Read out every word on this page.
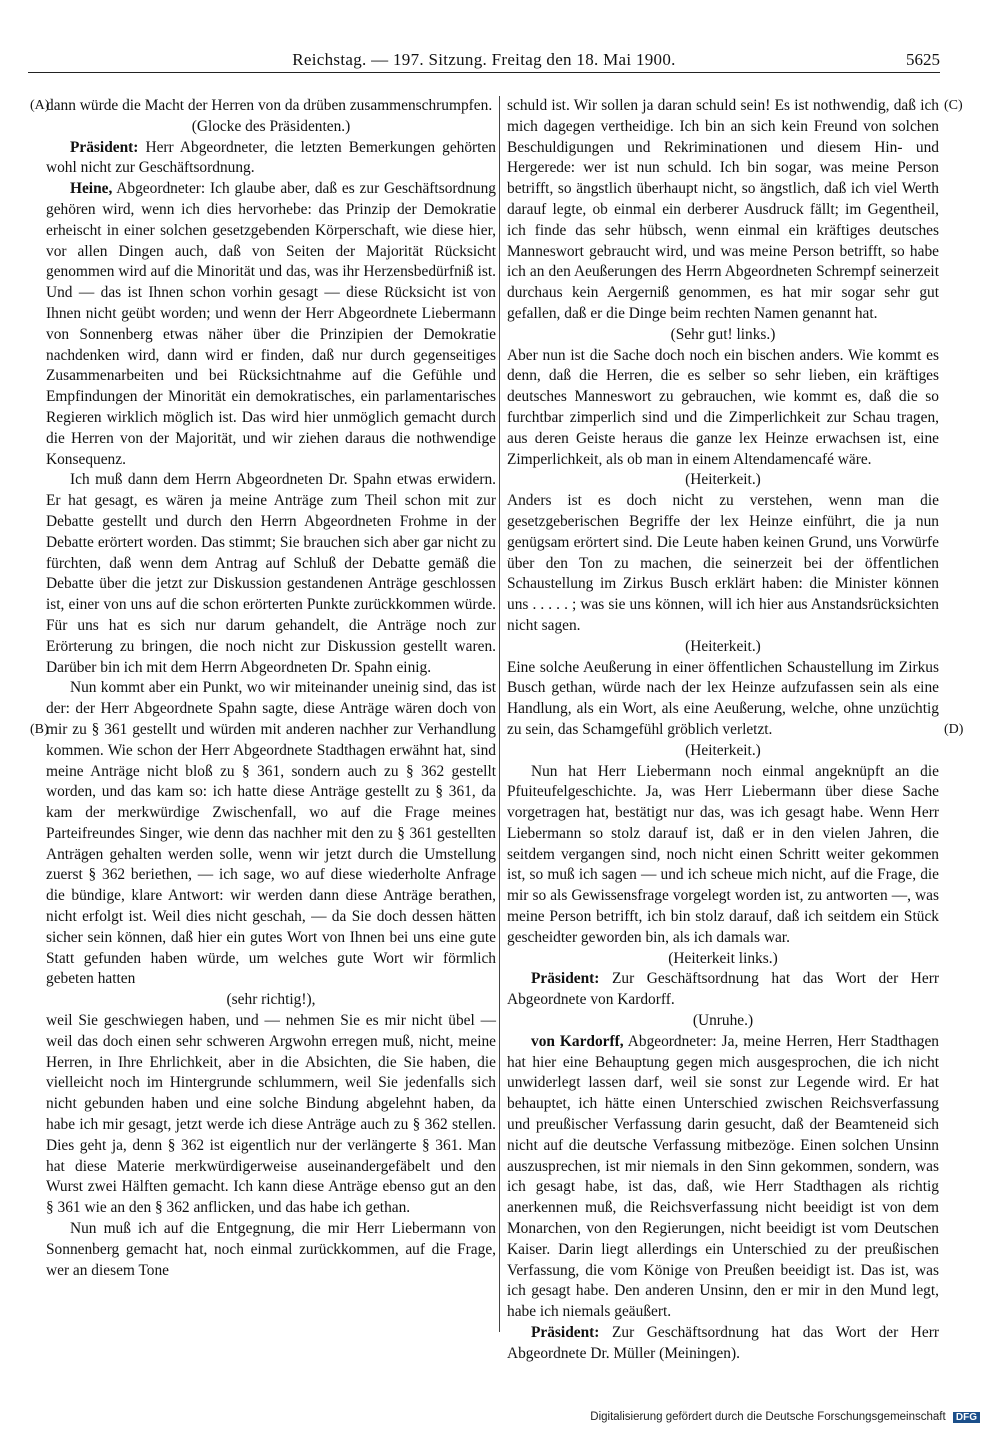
Reichstag. — 197. Sitzung. Freitag den 18. Mai 1900.	5625
(A)
(B)
(C)
(D)

dann würde die Macht der Herren von da drüben zusammenschrumpfen.

(Glocke des Präsidenten.)

Präsident: Herr Abgeordneter, die letzten Bemerkungen gehörten wohl nicht zur Geschäftsordnung.

Heine, Abgeordneter: Ich glaube aber, daß es zur Geschäftsordnung gehören wird, wenn ich dies hervorhebe: das Prinzip der Demokratie erheischt in einer solchen gesetzgebenden Körperschaft, wie diese hier, vor allen Dingen auch, daß von Seiten der Majorität Rücksicht genommen wird auf die Minorität und das, was ihr Herzensbedürfniß ist. Und — das ist Ihnen schon vorhin gesagt — diese Rücksicht ist von Ihnen nicht geübt worden; und wenn der Herr Abgeordnete Liebermann von Sonnenberg etwas näher über die Prinzipien der Demokratie nachdenken wird, dann wird er finden, daß nur durch gegenseitiges Zusammenarbeiten und bei Rücksichtnahme auf die Gefühle und Empfindungen der Minorität ein demokratisches, ein parlamentarisches Regieren wirklich möglich ist. Das wird hier unmöglich gemacht durch die Herren von der Majorität, und wir ziehen daraus die nothwendige Konsequenz.

Ich muß dann dem Herrn Abgeordneten Dr. Spahn etwas erwidern. Er hat gesagt, es wären ja meine Anträge zum Theil schon mit zur Debatte gestellt und durch den Herrn Abgeordneten Frohme in der Debatte erörtert worden. Das stimmt; Sie brauchen sich aber gar nicht zu fürchten, daß wenn dem Antrag auf Schluß der Debatte gemäß die Debatte über die jetzt zur Diskussion gestandenen Anträge geschlossen ist, einer von uns auf die schon erörterten Punkte zurückkommen würde. Für uns hat es sich nur darum gehandelt, die Anträge noch zur Erörterung zu bringen, die noch nicht zur Diskussion gestellt waren. Darüber bin ich mit dem Herrn Abgeordneten Dr. Spahn einig.

Nun kommt aber ein Punkt, wo wir miteinander uneinig sind, das ist der: der Herr Abgeordnete Spahn sagte, diese Anträge wären doch von mir zu § 361 gestellt und würden mit anderen nachher zur Verhandlung kommen. Wie schon der Herr Abgeordnete Stadthagen erwähnt hat, sind meine Anträge nicht bloß zu § 361, sondern auch zu § 362 gestellt worden, und das kam so: ich hatte diese Anträge gestellt zu § 361, da kam der merkwürdige Zwischenfall, wo auf die Frage meines Parteifreundes Singer, wie denn das nachher mit den zu § 361 gestellten Anträgen gehalten werden solle, wenn wir jetzt durch die Umstellung zuerst § 362 beriethen, — ich sage, wo auf diese wiederholte Anfrage die bündige, klare Antwort: wir werden dann diese Anträge berathen, nicht erfolgt ist. Weil dies nicht geschah, — da Sie doch dessen hätten sicher sein können, daß hier ein gutes Wort von Ihnen bei uns eine gute Statt gefunden haben würde, um welches gute Wort wir förmlich gebeten hatten

(sehr richtig!),

weil Sie geschwiegen haben, und — nehmen Sie es mir nicht übel — weil das doch einen sehr schweren Argwohn erregen muß, nicht, meine Herren, in Ihre Ehrlichkeit, aber in die Absichten, die Sie haben, die vielleicht noch im Hintergrunde schlummern, weil Sie jedenfalls sich nicht gebunden haben und eine solche Bindung abgelehnt haben, da habe ich mir gesagt, jetzt werde ich diese Anträge auch zu § 362 stellen. Dies geht ja, denn § 362 ist eigentlich nur der verlängerte § 361. Man hat diese Materie merkwürdigerweise auseinandergefäbelt und den Wurst zwei Hälften gemacht. Ich kann diese Anträge ebenso gut an den § 361 wie an den § 362 anflicken, und das habe ich gethan.

Nun muß ich auf die Entgegnung, die mir Herr Liebermann von Sonnenberg gemacht hat, noch einmal zurückkommen, auf die Frage, wer an diesem Tone

schuld ist. Wir sollen ja daran schuld sein! Es ist nothwendig, daß ich mich dagegen vertheidige. Ich bin an sich kein Freund von solchen Beschuldigungen und Rekriminationen und diesem Hin- und Hergerede: wer ist nun schuld. Ich bin sogar, was meine Person betrifft, so ängstlich überhaupt nicht, so ängstlich, daß ich viel Werth darauf legte, ob einmal ein derberer Ausdruck fällt; im Gegentheil, ich finde das sehr hübsch, wenn einmal ein kräftiges deutsches Manneswort gebraucht wird, und was meine Person betrifft, so habe ich an den Aeußerungen des Herrn Abgeordneten Schrempf seinerzeit durchaus kein Aergerniß genommen, es hat mir sogar sehr gut gefallen, daß er die Dinge beim rechten Namen genannt hat.

(Sehr gut! links.)

Aber nun ist die Sache doch noch ein bischen anders. Wie kommt es denn, daß die Herren, die es selber so sehr lieben, ein kräftiges deutsches Manneswort zu gebrauchen, wie kommt es, daß die so furchtbar zimperlich sind und die Zimperlichkeit zur Schau tragen, aus deren Geiste heraus die ganze lex Heinze erwachsen ist, eine Zimperlichkeit, als ob man in einem Altendamencafé wäre.

(Heiterkeit.)

Anders ist es doch nicht zu verstehen, wenn man die gesetzgeberischen Begriffe der lex Heinze einführt, die ja nun genügsam erörtert sind. Die Leute haben keinen Grund, uns Vorwürfe über den Ton zu machen, die seinerzeit bei der öffentlichen Schaustellung im Zirkus Busch erklärt haben: die Minister können uns . . . . . ; was sie uns können, will ich hier aus Anstandsrücksichten nicht sagen.

(Heiterkeit.)

Eine solche Aeußerung in einer öffentlichen Schaustellung im Zirkus Busch gethan, würde nach der lex Heinze aufzufassen sein als eine Handlung, als ein Wort, als eine Aeußerung, welche, ohne unzüchtig zu sein, das Schamgefühl gröblich verletzt.

(Heiterkeit.)

Nun hat Herr Liebermann noch einmal angeknüpft an die Pfuiteufelgeschichte. Ja, was Herr Liebermann über diese Sache vorgetragen hat, bestätigt nur das, was ich gesagt habe. Wenn Herr Liebermann so stolz darauf ist, daß er in den vielen Jahren, die seitdem vergangen sind, noch nicht einen Schritt weiter gekommen ist, so muß ich sagen — und ich scheue mich nicht, auf die Frage, die mir so als Gewissensfrage vorgelegt worden ist, zu antworten —, was meine Person betrifft, ich bin stolz darauf, daß ich seitdem ein Stück gescheidter geworden bin, als ich damals war.

(Heiterkeit links.)

Präsident: Zur Geschäftsordnung hat das Wort der Herr Abgeordnete von Kardorff.

(Unruhe.)

von Kardorff, Abgeordneter: Ja, meine Herren, Herr Stadthagen hat hier eine Behauptung gegen mich ausgesprochen, die ich nicht unwiderlegt lassen darf, weil sie sonst zur Legende wird. Er hat behauptet, ich hätte einen Unterschied zwischen Reichsverfassung und preußischer Verfassung darin gesucht, daß der Beamteneid sich nicht auf die deutsche Verfassung mitbezöge. Einen solchen Unsinn auszusprechen, ist mir niemals in den Sinn gekommen, sondern, was ich gesagt habe, ist das, daß, wie Herr Stadthagen als richtig anerkennen muß, die Reichsverfassung nicht beeidigt ist von dem Monarchen, von den Regierungen, nicht beeidigt ist vom Deutschen Kaiser. Darin liegt allerdings ein Unterschied zu der preußischen Verfassung, die vom Könige von Preußen beeidigt ist. Das ist, was ich gesagt habe. Den anderen Unsinn, den er mir in den Mund legt, habe ich niemals geäußert.

Präsident: Zur Geschäftsordnung hat das Wort der Herr Abgeordnete Dr. Müller (Meiningen).

Digitalisierung gefördert durch die Deutsche Forschungsgemeinschaft DFG
